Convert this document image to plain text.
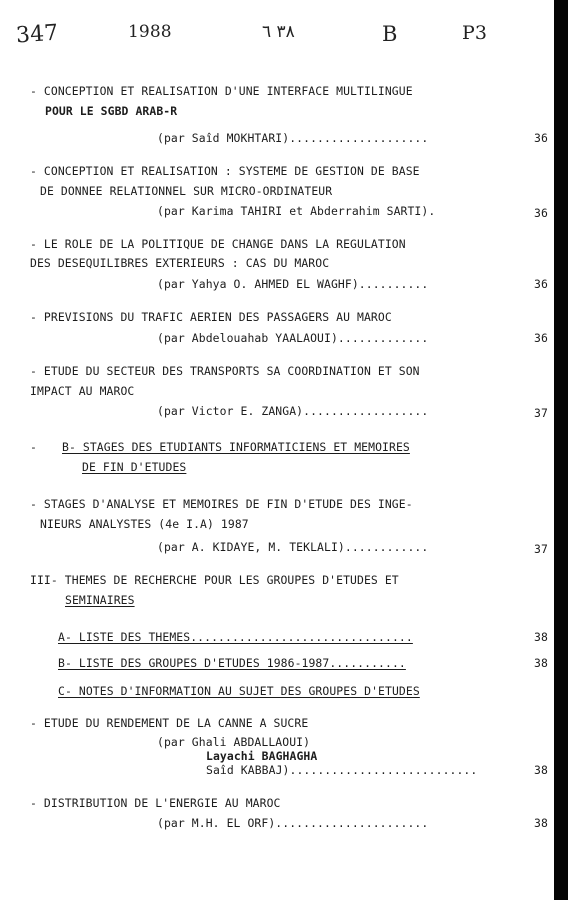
347	1988	٣٨ ٦	B	P3
- CONCEPTION ET REALISATION D'UNE INTERFACE MULTILINGUE
POUR LE SGBD ARAB-R
(par Saîd MOKHTARI)....................	36
- CONCEPTION ET REALISATION : SYSTEME DE GESTION DE BASE
DE DONNEE RELATIONNEL SUR MICRO-ORDINATEUR
(par Karima TAHIRI et Abderrahim SARTI).	36
- LE ROLE DE LA POLITIQUE DE CHANGE DANS LA REGULATION
DES DESEQUILIBRES EXTERIEURS : CAS DU MAROC
(par Yahya O. AHMED EL WAGHF)..........	36
- PREVISIONS DU TRAFIC AERIEN DES PASSAGERS AU MAROC
(par Abdelouahab YAALAOUI).............	36
- ETUDE DU SECTEUR DES TRANSPORTS SA COORDINATION ET SON
IMPACT AU MAROC
(par Victor E. ZANGA)..................	37
- B- STAGES DES ETUDIANTS INFORMATICIENS ET MEMOIRES
DE FIN D'ETUDES
- STAGES D'ANALYSE ET MEMOIRES DE FIN D'ETUDE DES INGE-
NIEURS ANALYSTES (4e I.A) 1987
(par A. KIDAYE, M. TEKLALI)............	37
III- THEMES DE RECHERCHE POUR LES GROUPES D'ETUDES ET
SEMINAIRES
A- LISTE DES THEMES................................	38
B- LISTE DES GROUPES D'ETUDES 1986-1987...........	38
C- NOTES D'INFORMATION AU SUJET DES GROUPES D'ETUDES
- ETUDE DU RENDEMENT DE LA CANNE A SUCRE
(par Ghali ABDALLAOUI)
Layachi BAGHAGHA
Saîd KABBAJ)...........................	38
- DISTRIBUTION DE L'ENERGIE AU MAROC
(par M.H. EL ORF)......................	38
